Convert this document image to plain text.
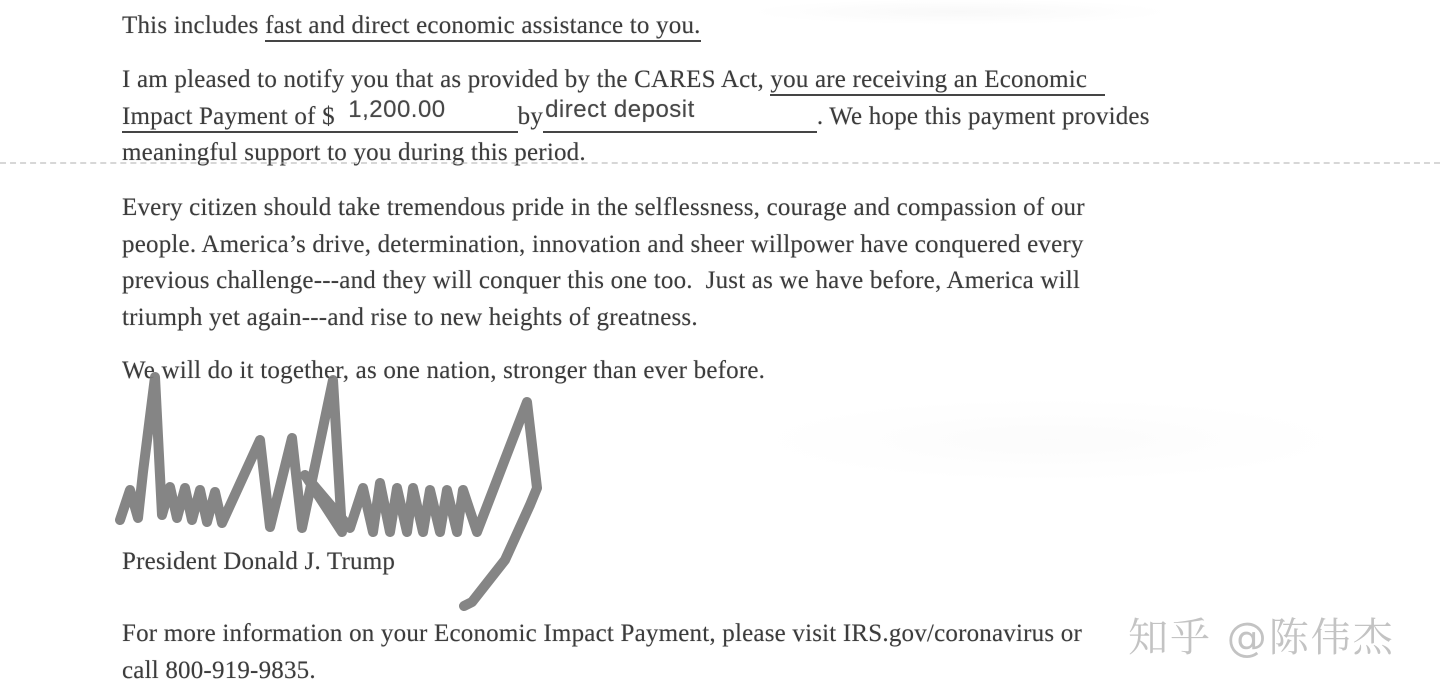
This includes fast and direct economic assistance to you.
I am pleased to notify you that as provided by the CARES Act, you are receiving an Economic
Impact Payment of $ 1,200.00	bydirect deposit	. We hope this payment provides
meaningful support to you during this period.
Every citizen should take tremendous pride in the selflessness, courage and compassion of our
people. America’s drive, determination, innovation and sheer willpower have conquered every
previous challenge---and they will conquer this one too.  Just as we have before, America will
triumph yet again---and rise to new heights of greatness.
We will do it together, as one nation, stronger than ever before.
President Donald J. Trump
For more information on your Economic Impact Payment, please visit IRS.gov/coronavirus or
call 800-919-9835.
知乎 @陈伟杰
